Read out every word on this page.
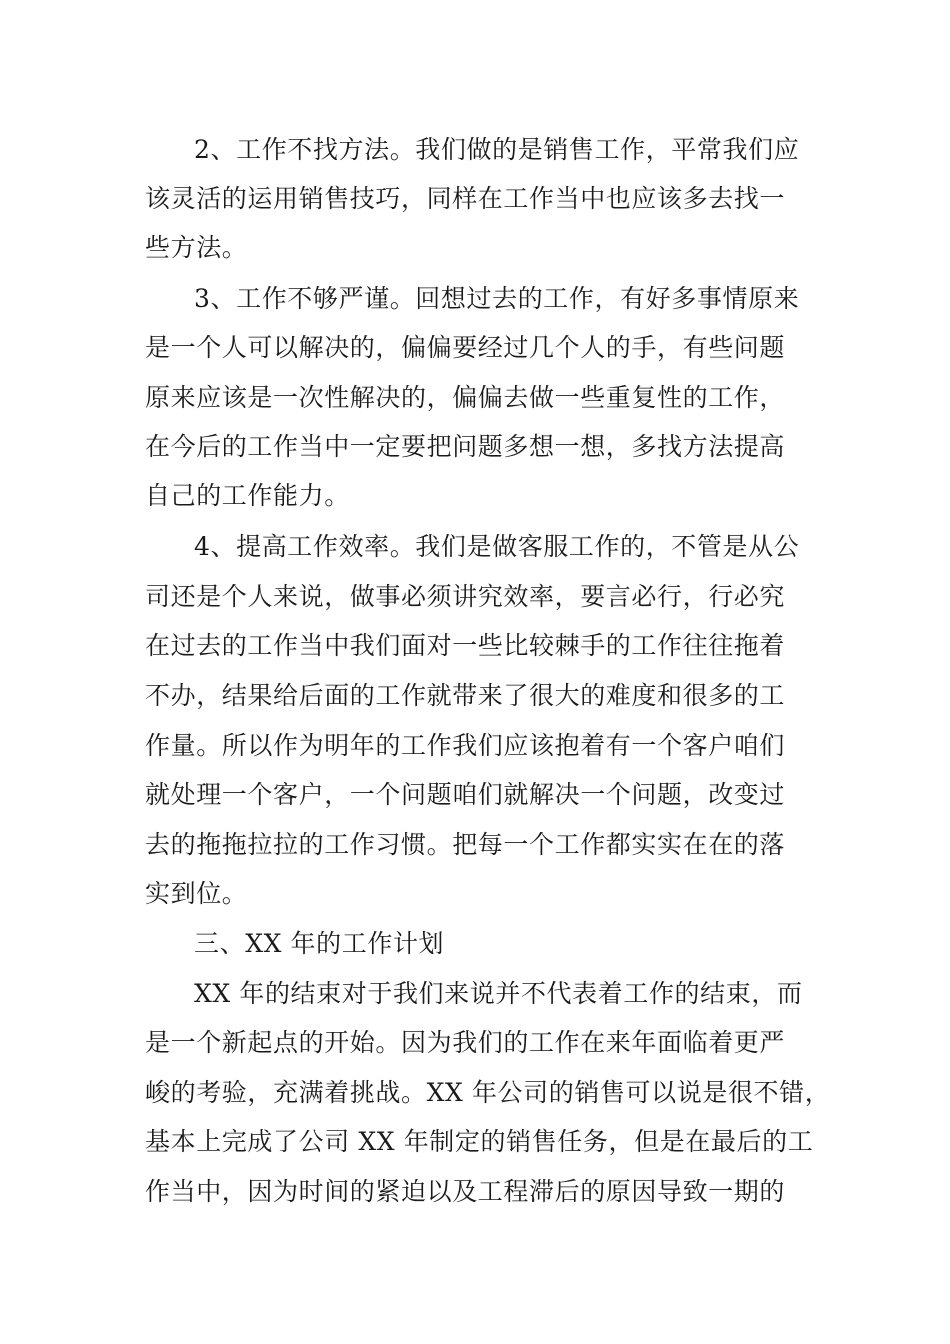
2、工作不找方法。我们做的是销售工作，平常我们应
该灵活的运用销售技巧，同样在工作当中也应该多去找一
些方法。
3、工作不够严谨。回想过去的工作，有好多事情原来
是一个人可以解决的，偏偏要经过几个人的手，有些问题
原来应该是一次性解决的，偏偏去做一些重复性的工作，
在今后的工作当中一定要把问题多想一想，多找方法提高
自己的工作能力。
4、提高工作效率。我们是做客服工作的，不管是从公
司还是个人来说，做事必须讲究效率，要言必行，行必究
在过去的工作当中我们面对一些比较棘手的工作往往拖着
不办，结果给后面的工作就带来了很大的难度和很多的工
作量。所以作为明年的工作我们应该抱着有一个客户咱们
就处理一个客户，一个问题咱们就解决一个问题，改变过
去的拖拖拉拉的工作习惯。把每一个工作都实实在在的落
实到位。
三、XX 年的工作计划
XX 年的结束对于我们来说并不代表着工作的结束，而
是一个新起点的开始。因为我们的工作在来年面临着更严
峻的考验，充满着挑战。XX 年公司的销售可以说是很不错，
基本上完成了公司 XX 年制定的销售任务，但是在最后的工
作当中，因为时间的紧迫以及工程滞后的原因导致一期的
